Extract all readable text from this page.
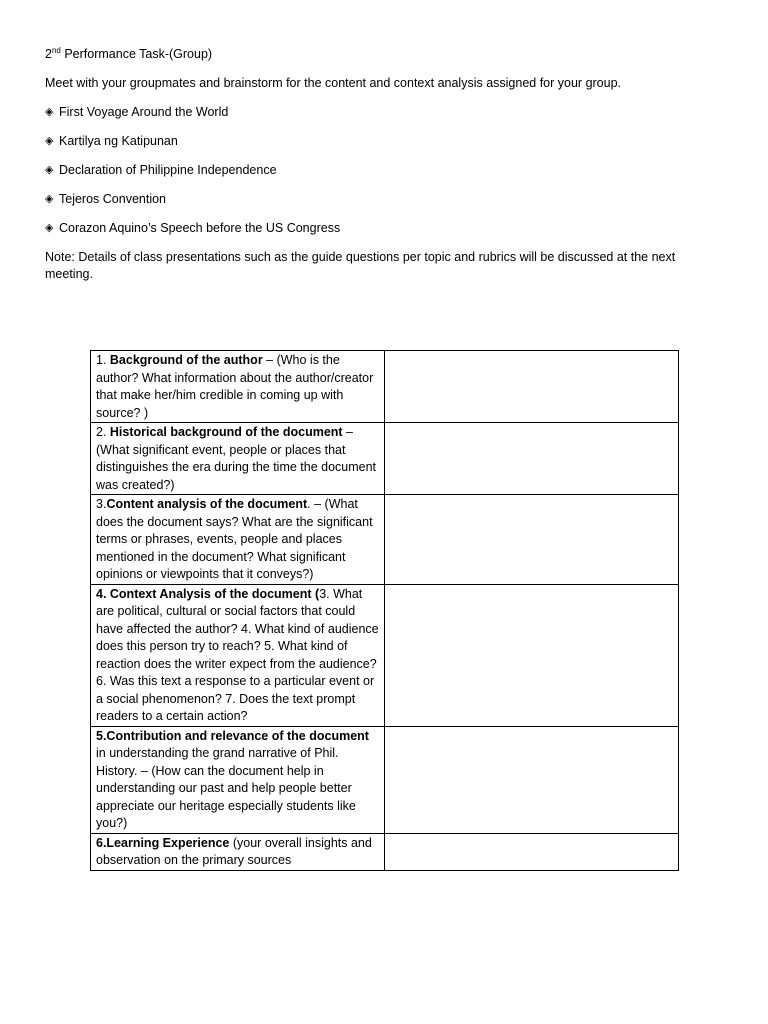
2nd Performance Task-(Group)

Meet with your groupmates and brainstorm for the content and context analysis assigned for your group.

◈ First Voyage Around the World
◈ Kartilya ng Katipunan
◈ Declaration of Philippine Independence
◈ Tejeros Convention
◈ Corazon Aquino’s Speech before the US Congress

Note: Details of class presentations such as the guide questions per topic and rubrics will be discussed at the next meeting.

1. Background of the author – (Who is the author? What information about the author/creator that make her/him credible in coming up with source? )	
2. Historical background of the document – (What significant event, people or places that distinguishes the era during the time the document was created?)	
3.Content analysis of the document. – (What does the document says? What are the significant terms or phrases, events, people and places mentioned in the document? What significant opinions or viewpoints that it conveys?)	
4. Context Analysis of the document (3. What are political, cultural or social factors that could have affected the author? 4. What kind of audience does this person try to reach? 5. What kind of reaction does the writer expect from the audience? 6. Was this text a response to a particular event or a social phenomenon? 7. Does the text prompt readers to a certain action?	
5.Contribution and relevance of the document in understanding the grand narrative of Phil. History. – (How can the document help in understanding our past and help people better appreciate our heritage especially students like you?)	
6.Learning Experience (your overall insights and observation on the primary sources	
